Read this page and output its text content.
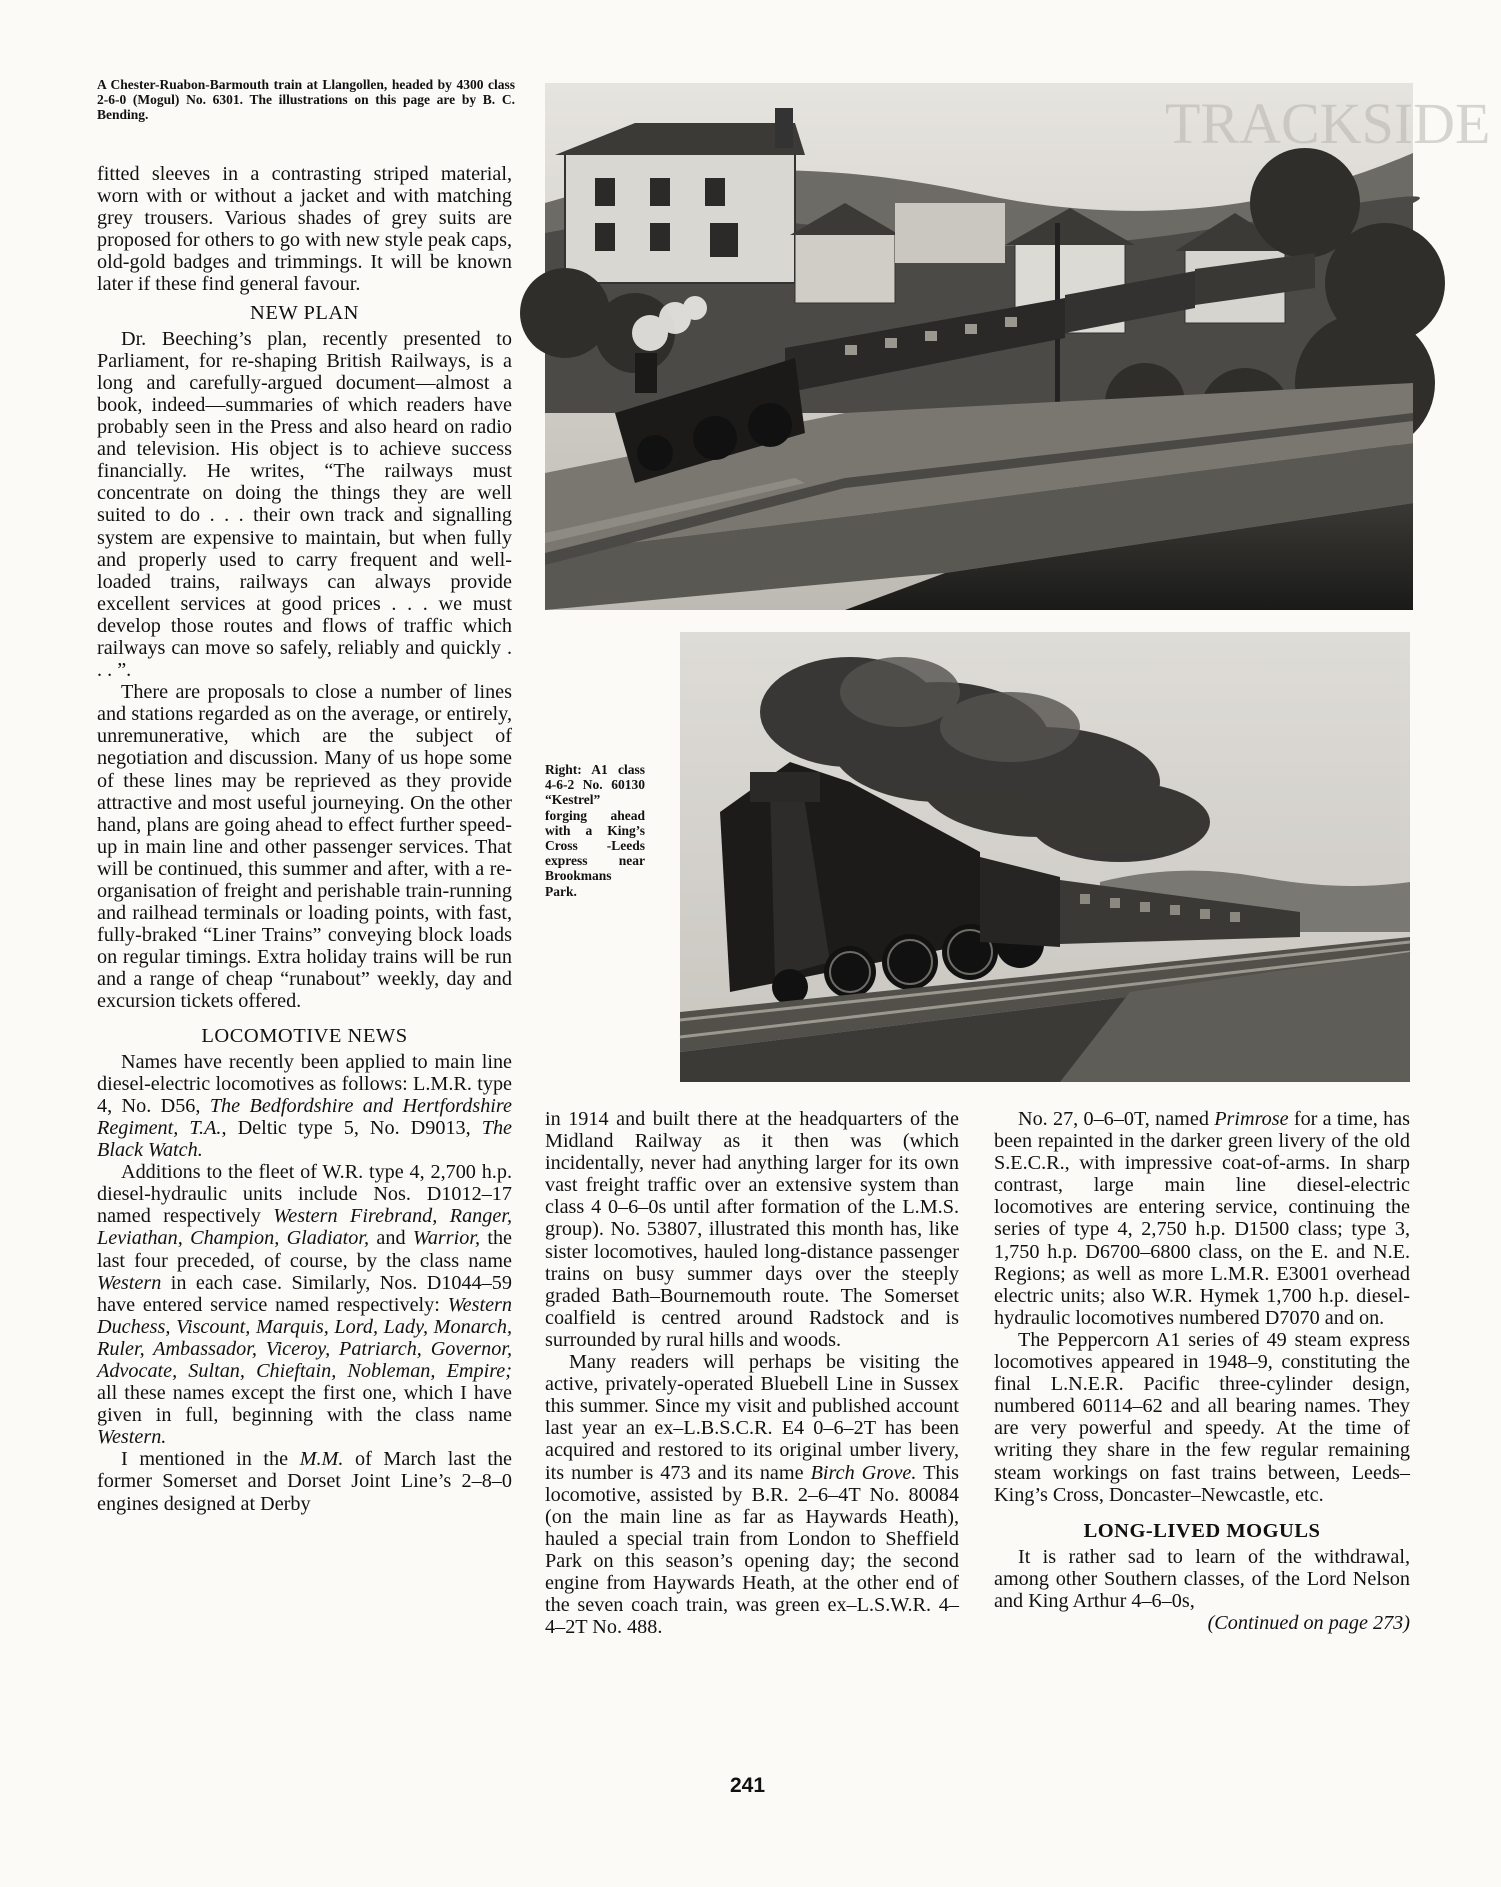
A Chester-Ruabon-Barmouth train at Llangollen, headed by 4300 class 2-6-0 (Mogul) No. 6301. The illustrations on this page are by B. C. Bending.

fitted sleeves in a contrasting striped material, worn with or without a jacket and with matching grey trousers. Various shades of grey suits are proposed for others to go with new style peak caps, old-gold badges and trimmings. It will be known later if these find general favour.

NEW PLAN

Dr. Beeching’s plan, recently presented to Parliament, for re-shaping British Railways, is a long and carefully-argued document—almost a book, indeed—summaries of which readers have probably seen in the Press and also heard on radio and television. His object is to achieve success financially. He writes, “The railways must concentrate on doing the things they are well suited to do . . . their own track and signalling system are expensive to maintain, but when fully and properly used to carry frequent and well-loaded trains, railways can always provide excellent services at good prices . . . we must develop those routes and flows of traffic which railways can move so safely, reliably and quickly . . . ”.

There are proposals to close a number of lines and stations regarded as on the average, or entirely, unremunerative, which are the subject of negotiation and discussion. Many of us hope some of these lines may be reprieved as they provide attractive and most useful journeying. On the other hand, plans are going ahead to effect further speed-up in main line and other passenger services. That will be continued, this summer and after, with a re-organisation of freight and perishable train-running and railhead terminals or loading points, with fast, fully-braked “Liner Trains” conveying block loads on regular timings. Extra holiday trains will be run and a range of cheap “runabout” weekly, day and excursion tickets offered.

LOCOMOTIVE NEWS

Names have recently been applied to main line diesel-electric locomotives as follows: L.M.R. type 4, No. D56, The Bedfordshire and Hertfordshire Regiment, T.A., Deltic type 5, No. D9013, The Black Watch.

Additions to the fleet of W.R. type 4, 2,700 h.p. diesel-hydraulic units include Nos. D1012–17 named respectively Western Firebrand, Ranger, Leviathan, Champion, Gladiator, and Warrior, the last four preceded, of course, by the class name Western in each case. Similarly, Nos. D1044–59 have entered service named respectively: Western Duchess, Viscount, Marquis, Lord, Lady, Monarch, Ruler, Ambassador, Viceroy, Patriarch, Governor, Advocate, Sultan, Chieftain, Nobleman, Empire; all these names except the first one, which I have given in full, beginning with the class name Western.

I mentioned in the M.M. of March last the former Somerset and Dorset Joint Line’s 2–8–0 engines designed at Derby

TRACKSIDE
Right: A1 class 4-6-2 No. 60130 “Kestrel” forging ahead with a King’s Cross -Leeds express near Brookmans Park.

in 1914 and built there at the headquarters of the Midland Railway as it then was (which incidentally, never had anything larger for its own vast freight traffic over an extensive system than class 4 0–6–0s until after formation of the L.M.S. group). No. 53807, illustrated this month has, like sister locomotives, hauled long-distance passenger trains on busy summer days over the steeply graded Bath–Bournemouth route. The Somerset coalfield is centred around Radstock and is surrounded by rural hills and woods.

Many readers will perhaps be visiting the active, privately-operated Bluebell Line in Sussex this summer. Since my visit and published account last year an ex–L.B.S.C.R. E4 0–6–2T has been acquired and restored to its original umber livery, its number is 473 and its name Birch Grove. This locomotive, assisted by B.R. 2–6–4T No. 80084 (on the main line as far as Haywards Heath), hauled a special train from London to Sheffield Park on this season’s opening day; the second engine from Haywards Heath, at the other end of the seven coach train, was green ex–L.S.W.R. 4–4–2T No. 488.

No. 27, 0–6–0T, named Primrose for a time, has been repainted in the darker green livery of the old S.E.C.R., with impressive coat-of-arms. In sharp contrast, large main line diesel-electric locomotives are entering service, continuing the series of type 4, 2,750 h.p. D1500 class; type 3, 1,750 h.p. D6700–6800 class, on the E. and N.E. Regions; as well as more L.M.R. E3001 overhead electric units; also W.R. Hymek 1,700 h.p. diesel-hydraulic locomotives numbered D7070 and on.

The Peppercorn A1 series of 49 steam express locomotives appeared in 1948–9, constituting the final L.N.E.R. Pacific three-cylinder design, numbered 60114–62 and all bearing names. They are very powerful and speedy. At the time of writing they share in the few regular remaining steam workings on fast trains between, Leeds–King’s Cross, Doncaster–Newcastle, etc.

LONG-LIVED MOGULS

It is rather sad to learn of the withdrawal, among other Southern classes, of the Lord Nelson and King Arthur 4–6–0s,

(Continued on page 273)

241
